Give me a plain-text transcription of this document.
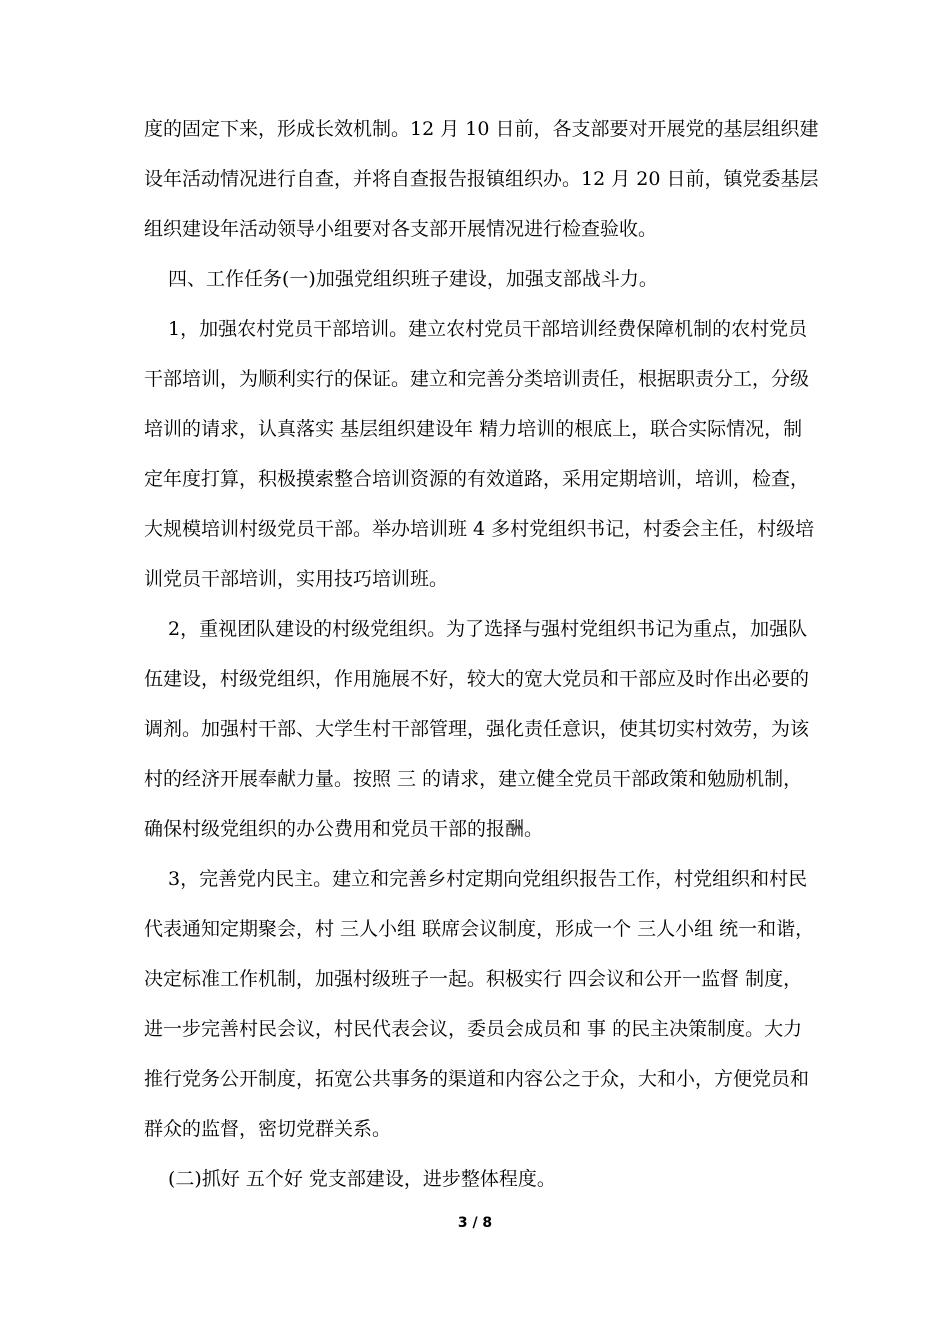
度的固定下来，形成长效机制。12 月 10 日前，各支部要对开展党的基层组织建
设年活动情况进行自查，并将自查报告报镇组织办。12 月 20 日前，镇党委基层
组织建设年活动领导小组要对各支部开展情况进行检查验收。
四、工作任务(一)加强党组织班子建设，加强支部战斗力。
1，加强农村党员干部培训。建立农村党员干部培训经费保障机制的农村党员
干部培训，为顺利实行的保证。建立和完善分类培训责任，根据职责分工，分级
培训的请求，认真落实 基层组织建设年 精力培训的根底上，联合实际情况，制
定年度打算，积极摸索整合培训资源的有效道路，采用定期培训，培训，检查，
大规模培训村级党员干部。举办培训班 4 多村党组织书记，村委会主任，村级培
训党员干部培训，实用技巧培训班。
2，重视团队建设的村级党组织。为了选择与强村党组织书记为重点，加强队
伍建设，村级党组织，作用施展不好，较大的宽大党员和干部应及时作出必要的
调剂。加强村干部、大学生村干部管理，强化责任意识，使其切实村效劳，为该
村的经济开展奉献力量。按照 三 的请求，建立健全党员干部政策和勉励机制，
确保村级党组织的办公费用和党员干部的报酬。
3，完善党内民主。建立和完善乡村定期向党组织报告工作，村党组织和村民
代表通知定期聚会，村 三人小组 联席会议制度，形成一个 三人小组 统一和谐，
决定标准工作机制，加强村级班子一起。积极实行 四会议和公开一监督 制度，
进一步完善村民会议，村民代表会议，委员会成员和 事 的民主决策制度。大力
推行党务公开制度，拓宽公共事务的渠道和内容公之于众，大和小，方便党员和
群众的监督，密切党群关系。
(二)抓好 五个好 党支部建设，进步整体程度。
3 / 8
